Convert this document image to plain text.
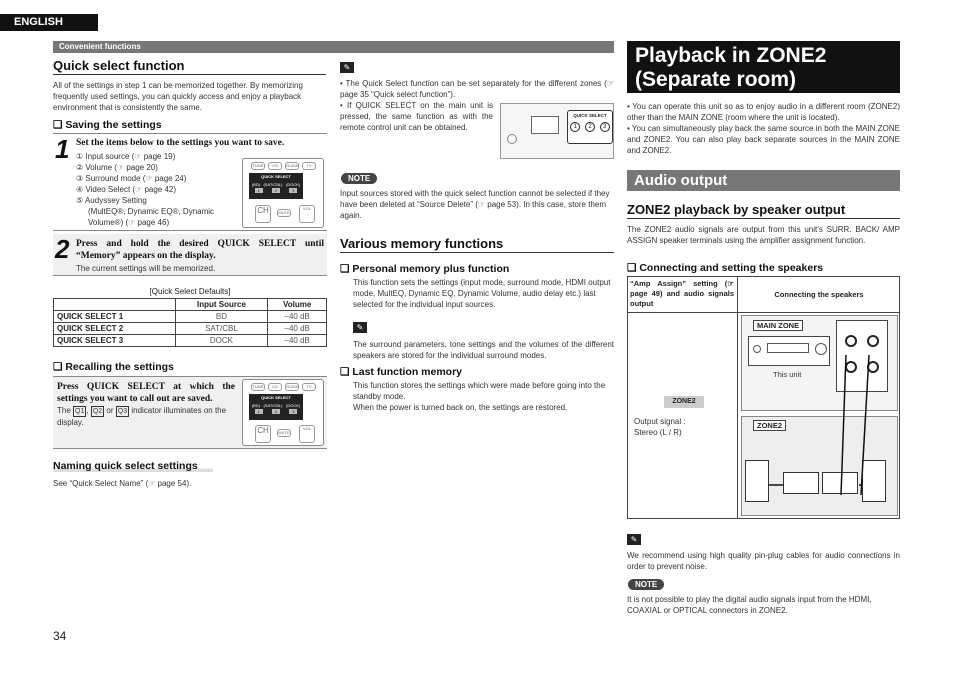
ENGLISH
Convenient functions
Quick select function
All of the settings in step 1 can be memorized together. By memorizing frequently used settings, you can quickly access and enjoy a playback environment that is consistently the same.
❑ Saving the settings
1 Set the items below to the settings you want to save.
① Input source (☞ page 19)
② Volume (☞ page 20)
③ Surround mode (☞ page 24)
④ Video Select (☞ page 42)
⑤ Audyssey Setting
(MultEQ®, Dynamic EQ®, Dynamic
Volume®) (☞ page 46)
TUNE	CD	GUIDE	TV
QUICK SELECT
(BD) (SAT/CBL) (DOCK)
1	2	3
CH	MUTE
VOL
2 Press and hold the desired QUICK SELECT until “Memory” appears on the display.
The current settings will be memorized.
[Quick Select Defaults]
	Input Source	Volume
QUICK SELECT 1	BD	–40 dB
QUICK SELECT 2	SAT/CBL	–40 dB
QUICK SELECT 3	DOCK	–40 dB
❑ Recalling the settings
Press QUICK SELECT at which the settings you want to call out are saved.
The Q1 , Q2 or Q3 indicator illuminates on the display.
TUNE	CD	GUIDE	TV
QUICK SELECT
(BD) (SAT/CBL) (DOCK)
1	2	3
CH	MUTE
VOL
Naming quick select settings
See “Quick Select Name” (☞ page 54).
34
✎
• The Quick Select function can be set separately for the different zones (☞ page 35 “Quick select function”).
• If QUICK SELECT on the main unit is pressed, the same function as with the remote control unit can be obtained.
QUICK SELECT
1	2	3
NOTE
Input sources stored with the quick select function cannot be selected if they have been deleted at “Source Delete” (☞ page 53). In this case, store them again.
Various memory functions
❑ Personal memory plus function
This function sets the settings (input mode, surround mode, HDMI output mode, MultEQ, Dynamic EQ, Dynamic Volume, audio delay etc.) last selected for the individual input sources.
✎
The surround parameters, tone settings and the volumes of the different speakers are stored for the individual surround modes.
❑ Last function memory
This function stores the settings which were made before going into the standby mode.
When the power is turned back on, the settings are restored.
Playback in ZONE2
(Separate room)
• You can operate this unit so as to enjoy audio in a different room (ZONE2) other than the MAIN ZONE (room where the unit is located).
• You can simultaneously play back the same source in both the MAIN ZONE and ZONE2. You can also play back separate sources in the MAIN ZONE and ZONE2.
Audio output
ZONE2 playback by speaker output
The ZONE2 audio signals are output from this unit’s SURR. BACK/ AMP ASSIGN speaker terminals using the amplifier assignment function.
❑ Connecting and setting the speakers
“Amp Assign” setting (☞ page 49) and audio signals output
Connecting the speakers
ZONE2
Output signal :
Stereo (L / R)
MAIN ZONE
This unit
ZONE2
✎
We recommend using high quality pin-plug cables for audio connections in order to prevent noise.
NOTE
It is not possible to play the digital audio signals input from the HDMI, COAXIAL or OPTICAL connectors in ZONE2.
